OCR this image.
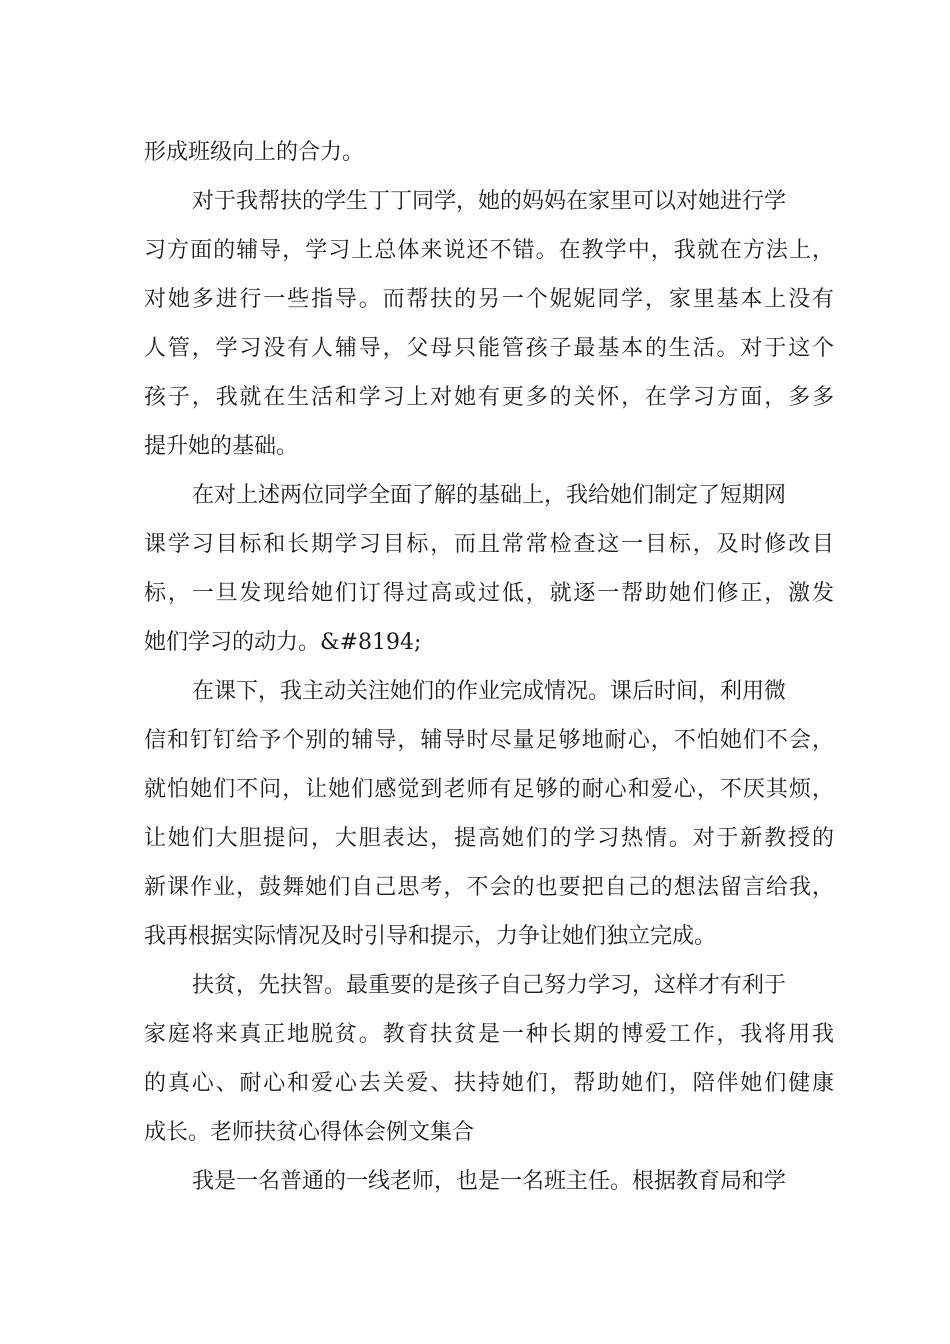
形成班级向上的合力。
对于我帮扶的学生丁丁同学，她的妈妈在家里可以对她进行学
习方面的辅导，学习上总体来说还不错。在教学中，我就在方法上，
对她多进行一些指导。而帮扶的另一个妮妮同学，家里基本上没有
人管，学习没有人辅导，父母只能管孩子最基本的生活。对于这个
孩子，我就在生活和学习上对她有更多的关怀，在学习方面，多多
提升她的基础。
在对上述两位同学全面了解的基础上，我给她们制定了短期网
课学习目标和长期学习目标，而且常常检查这一目标，及时修改目
标，一旦发现给她们订得过高或过低，就逐一帮助她们修正，激发
她们学习的动力。&#8194;
在课下，我主动关注她们的作业完成情况。课后时间，利用微
信和钉钉给予个别的辅导，辅导时尽量足够地耐心，不怕她们不会，
就怕她们不问，让她们感觉到老师有足够的耐心和爱心，不厌其烦，
让她们大胆提问，大胆表达，提高她们的学习热情。对于新教授的
新课作业，鼓舞她们自己思考，不会的也要把自己的想法留言给我，
我再根据实际情况及时引导和提示，力争让她们独立完成。
扶贫，先扶智。最重要的是孩子自己努力学习，这样才有利于
家庭将来真正地脱贫。教育扶贫是一种长期的博爱工作，我将用我
的真心、耐心和爱心去关爱、扶持她们，帮助她们，陪伴她们健康
成长。老师扶贫心得体会例文集合
我是一名普通的一线老师，也是一名班主任。根据教育局和学
